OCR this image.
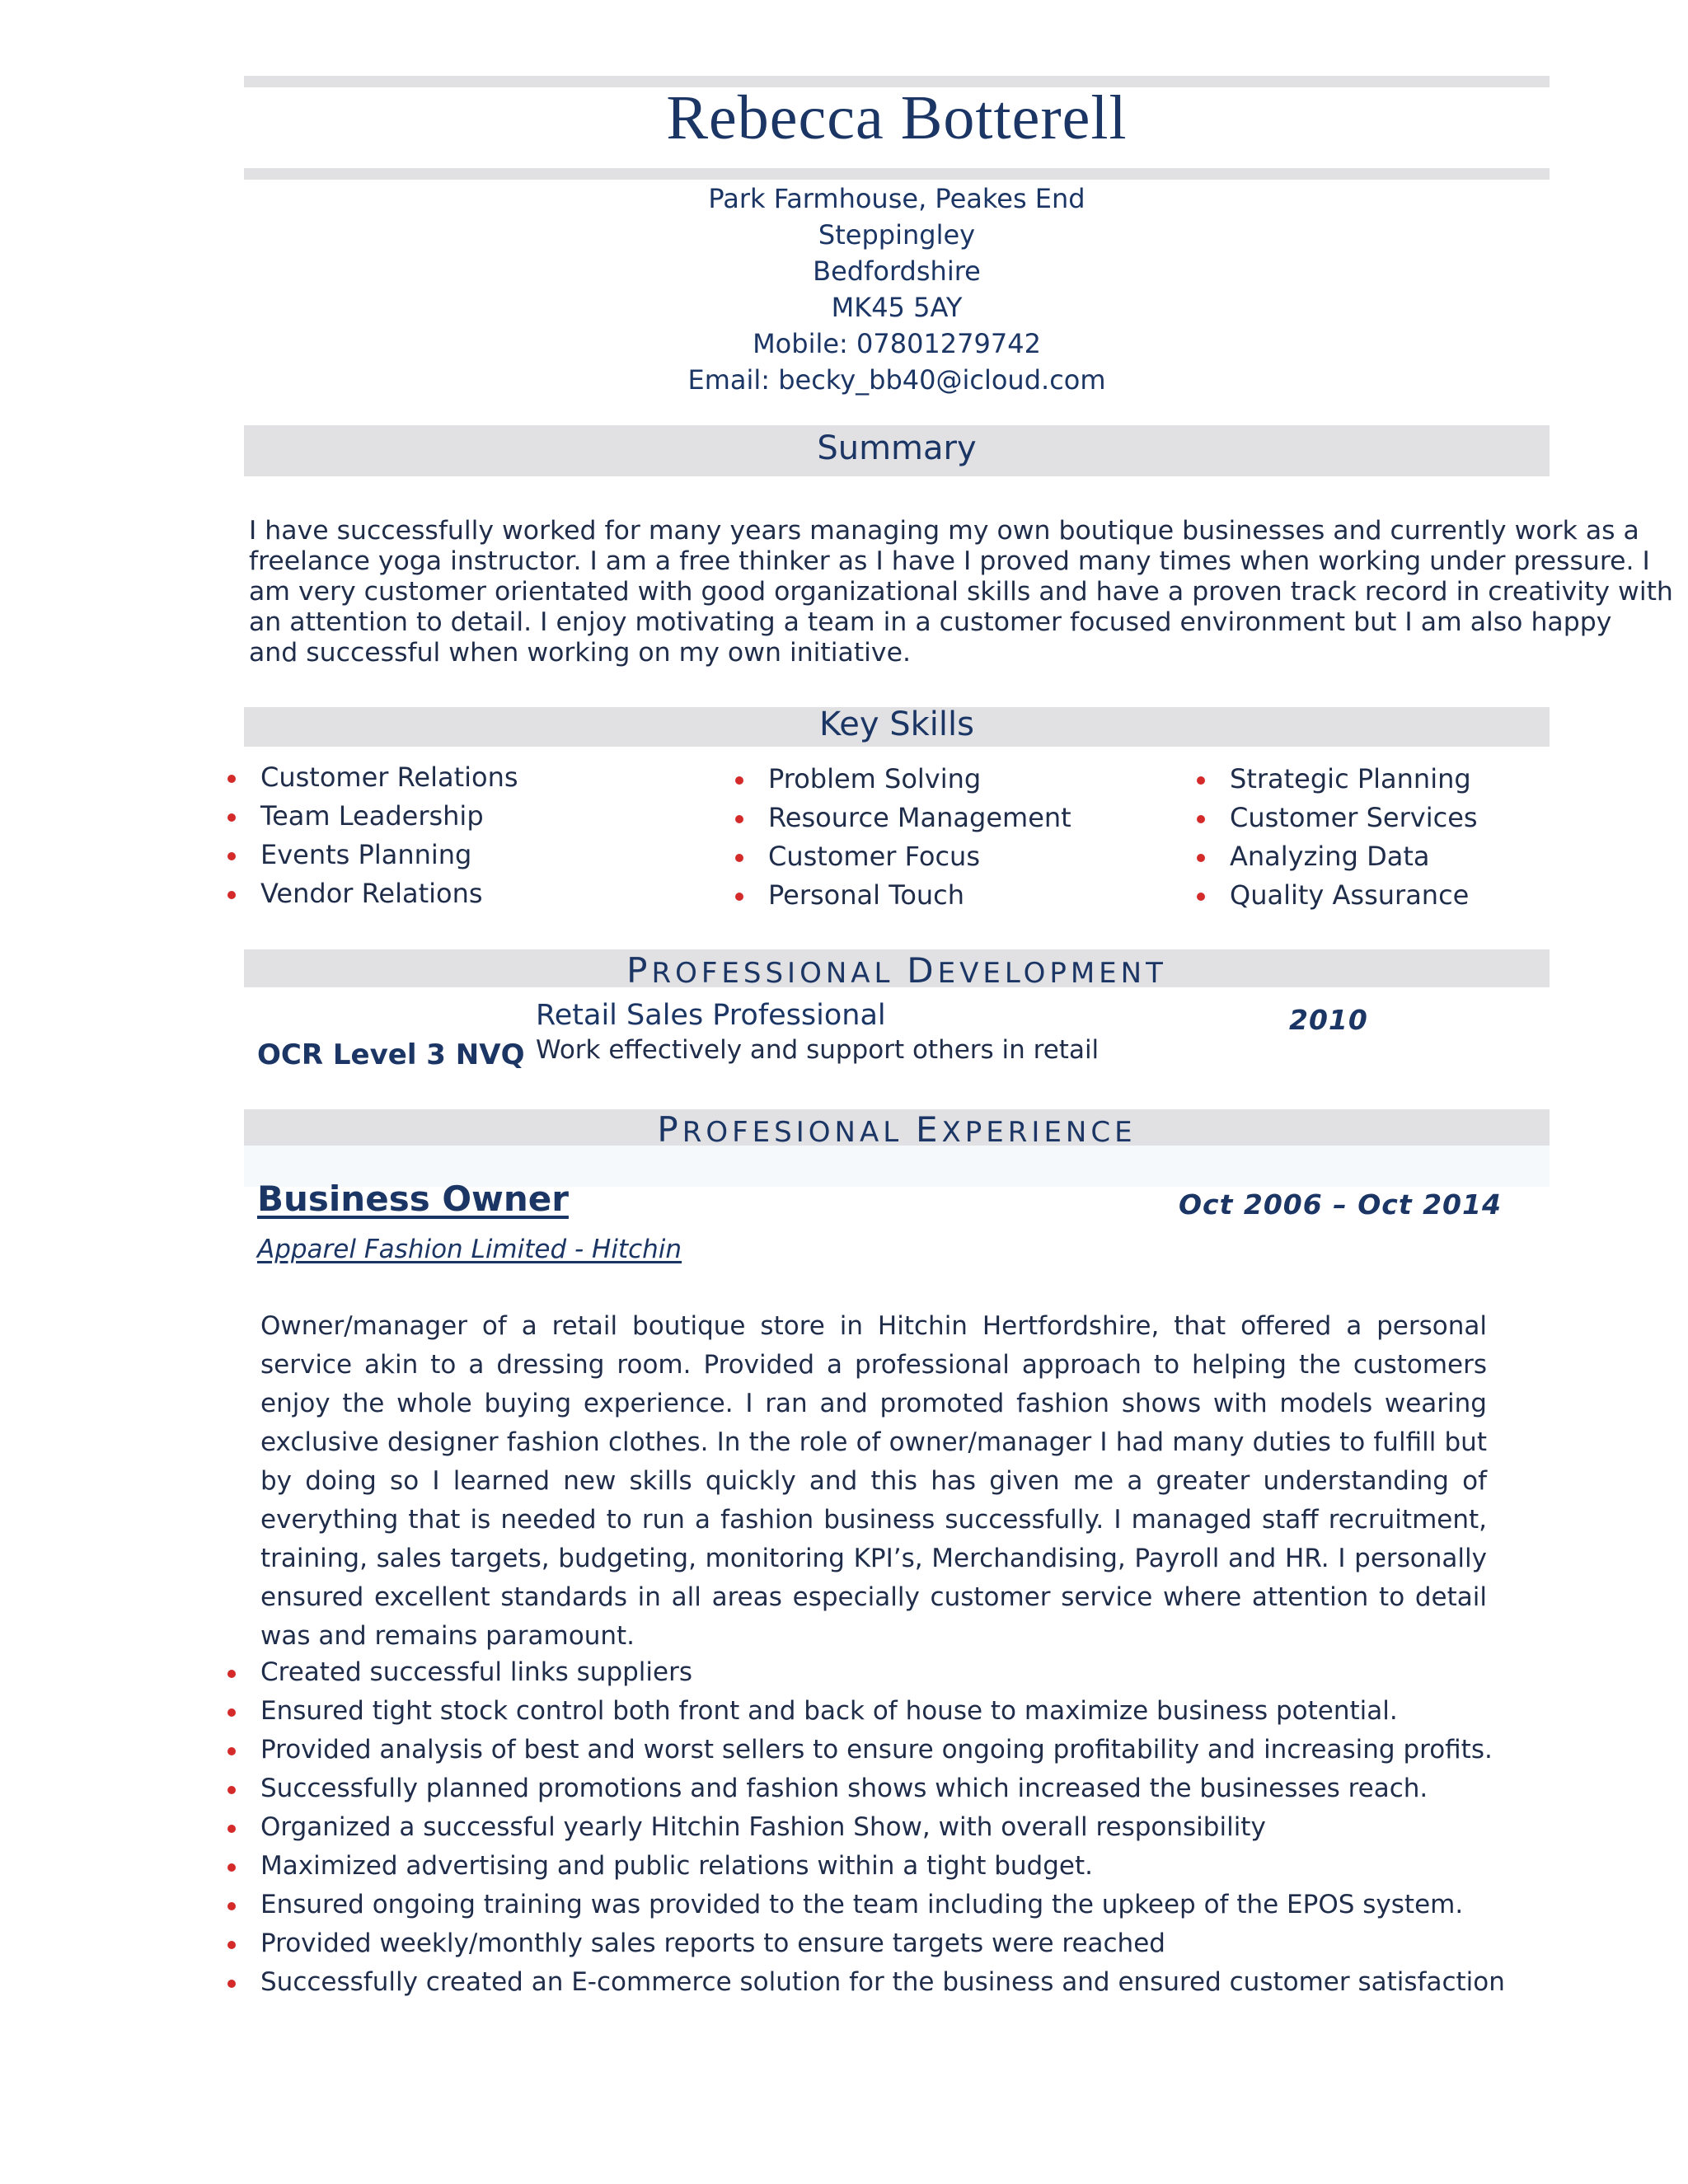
Rebecca Botterell
Park Farmhouse, Peakes End
Steppingley
Bedfordshire
MK45 5AY
Mobile: 07801279742
Email: becky_bb40@icloud.com
Summary
I have successfully worked for many years managing my own boutique businesses and currently work as a
freelance yoga instructor. I am a free thinker as I have I proved many times when working under pressure. I
am very customer orientated with good organizational skills and have a proven track record in creativity with
an attention to detail. I enjoy motivating a team in a customer focused environment but I am also happy
and successful when working on my own initiative.
Key Skills
Customer Relations
Team Leadership
Events Planning
Vendor Relations
Problem Solving
Resource Management
Customer Focus
Personal Touch
Strategic Planning
Customer Services
Analyzing Data
Quality Assurance
PROFESSIONAL DEVELOPMENT
OCR Level 3 NVQ
Retail Sales Professional
Work effectively and support others in retail
2010
PROFESIONAL EXPERIENCE
Business Owner	Oct 2006 – Oct 2014
Apparel Fashion Limited - Hitchin
Owner/manager of a retail boutique store in Hitchin Hertfordshire, that offered a personal service akin to a dressing room. Provided a professional approach to helping the customers enjoy the whole buying experience. I ran and promoted fashion shows with models wearing exclusive designer fashion clothes. In the role of owner/manager I had many duties to fulfill but by doing so I learned new skills quickly and this has given me a greater understanding of everything that is needed to run a fashion business successfully. I managed staff recruitment, training, sales targets, budgeting, monitoring KPI’s, Merchandising, Payroll and HR. I personally ensured excellent standards in all areas especially customer service where attention to detail was and remains paramount.
Created successful links suppliers
Ensured tight stock control both front and back of house to maximize business potential.
Provided analysis of best and worst sellers to ensure ongoing profitability and increasing profits.
Successfully planned promotions and fashion shows which increased the businesses reach.
Organized a successful yearly Hitchin Fashion Show, with overall responsibility
Maximized advertising and public relations within a tight budget.
Ensured ongoing training was provided to the team including the upkeep of the EPOS system.
Provided weekly/monthly sales reports to ensure targets were reached
Successfully created an E-commerce solution for the business and ensured customer satisfaction
